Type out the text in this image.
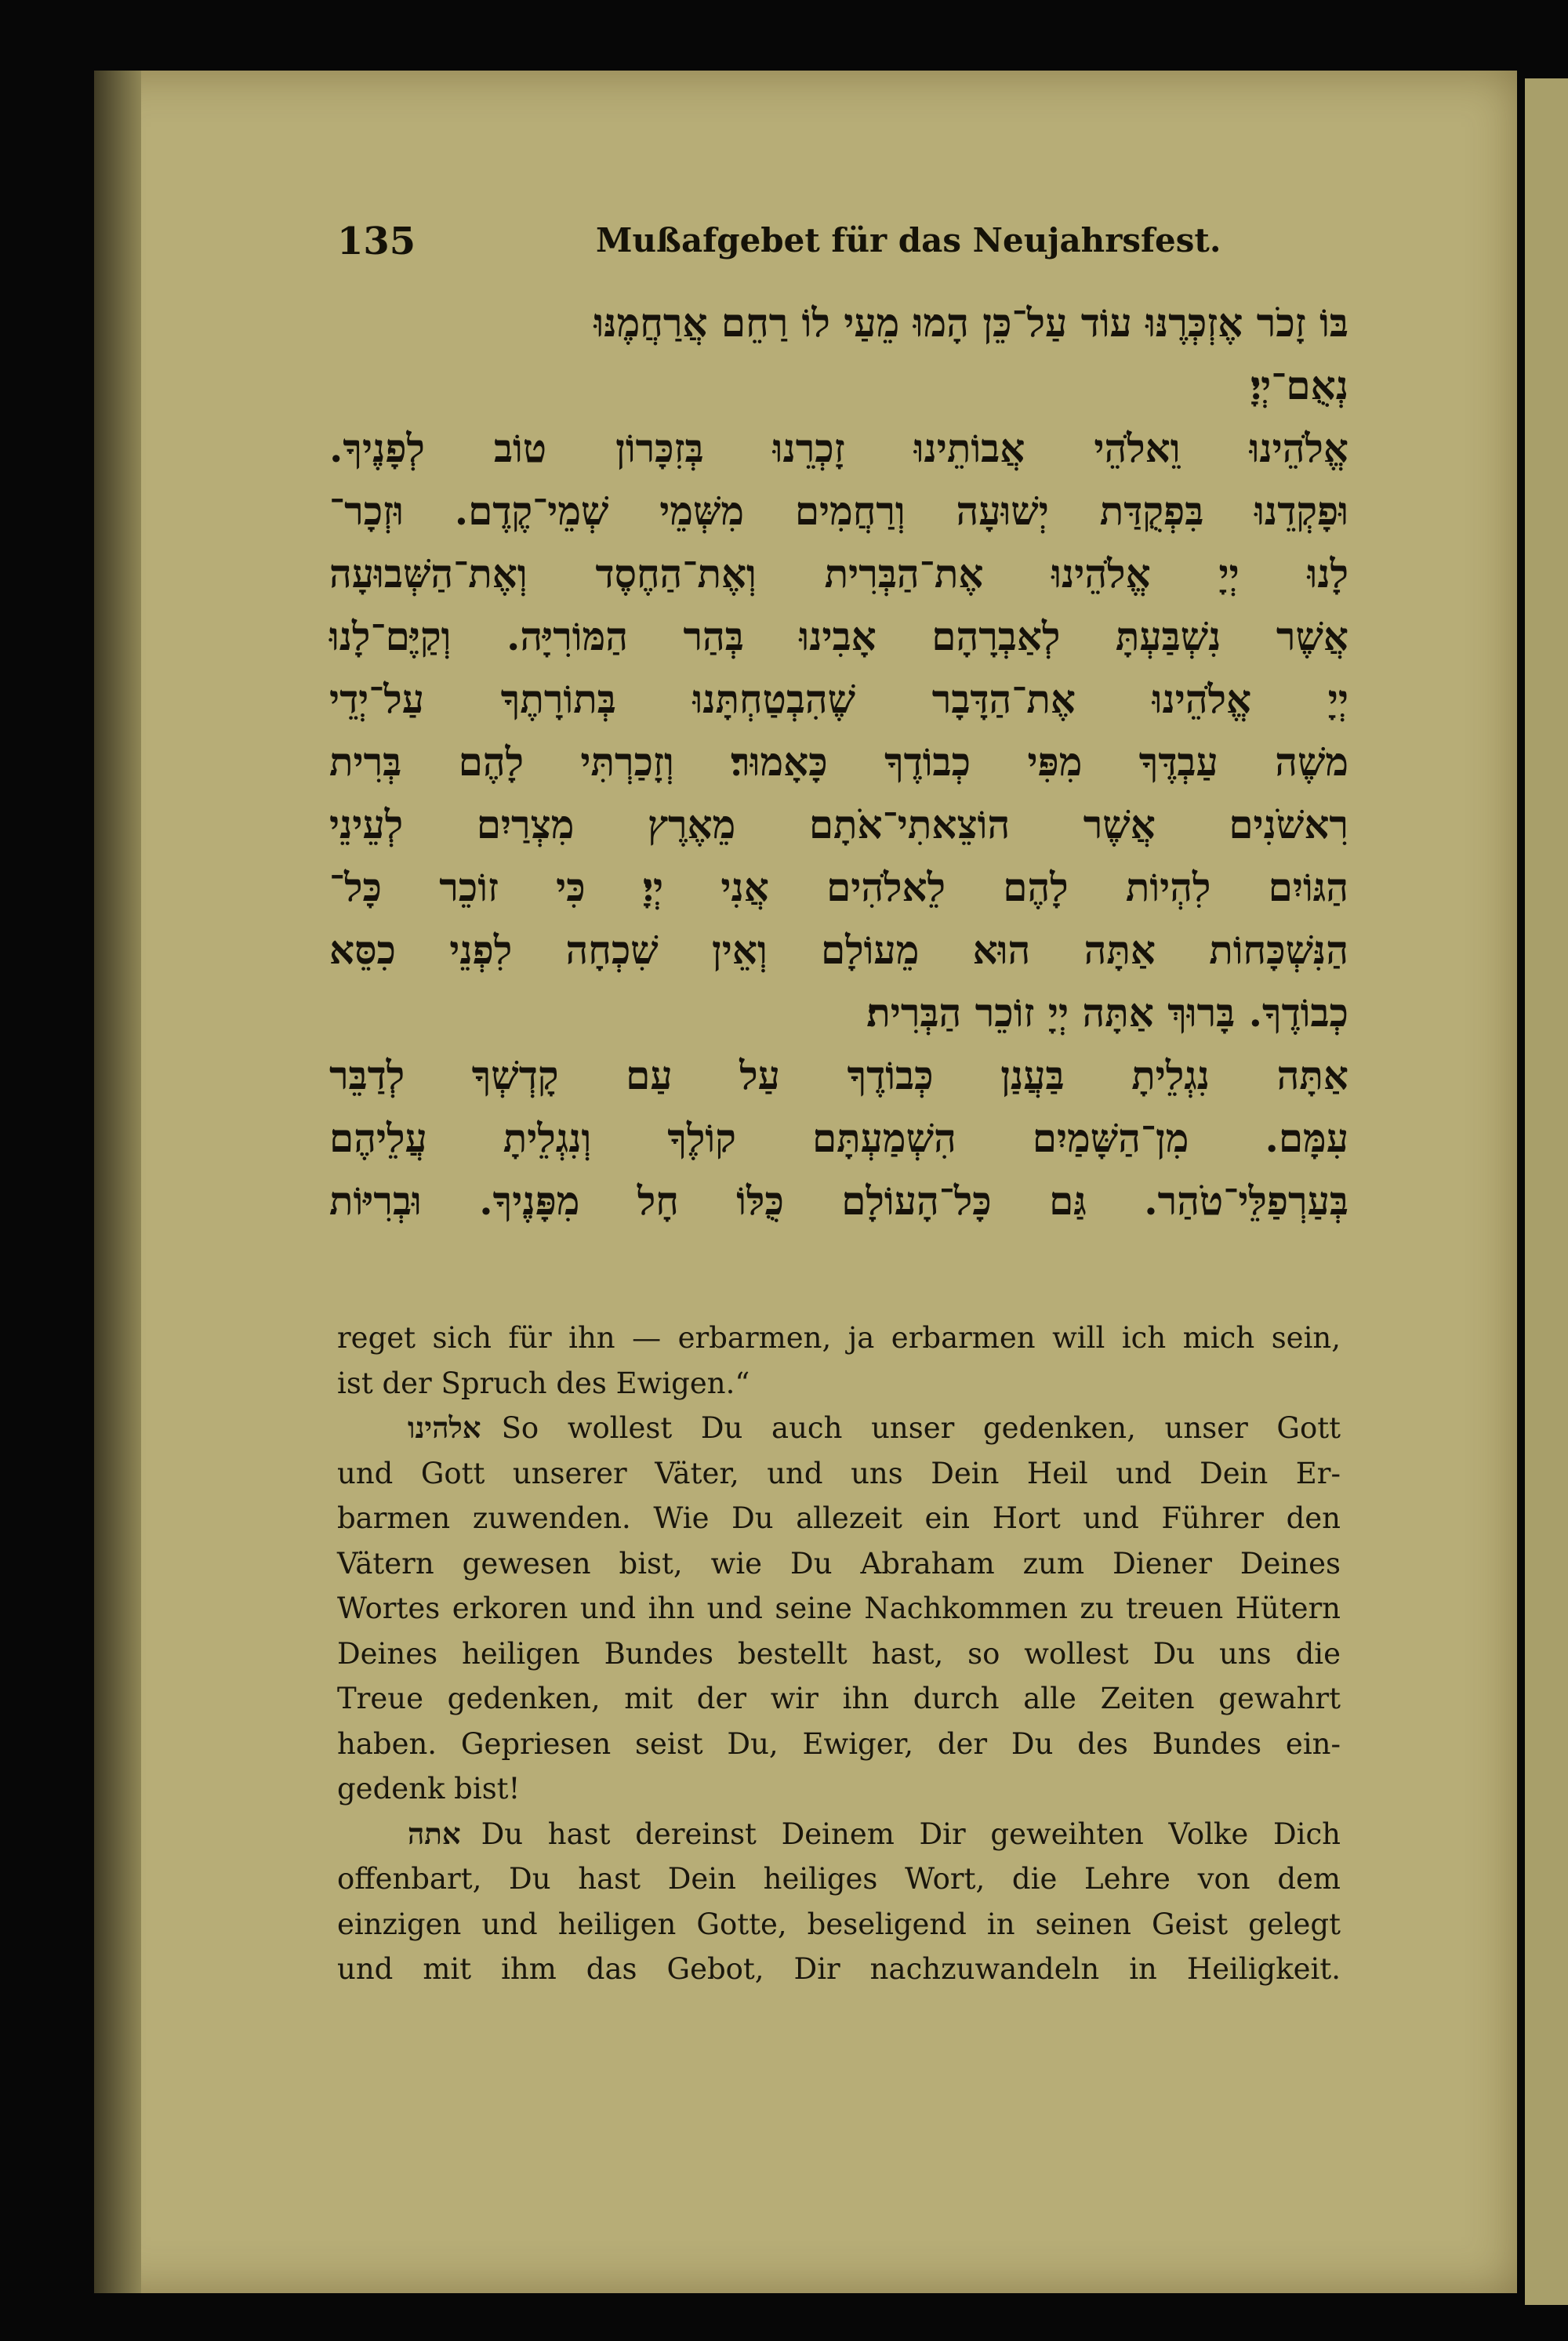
135	Mußafgebet für das Neujahrsfest.
בּוֹ זָכֹר אֶזְכְּרֶנּוּ עוֹד עַל־כֵּן הָמוּ מֵעַי לוֹ רַחֵם אֲרַחֲמֶנּוּ
נְאֻם־יְיָ׃
אֱלֹהֵינוּ וֵאלֹהֵי אֲבוֹתֵינוּ זָכְרֵנוּ בְּזִכָּרוֹן טוֹב לְפָנֶיךָ.
וּפָקְדֵנוּ בִּפְקֻדַּת יְשׁוּעָה וְרַחֲמִים מִשְּׁמֵי שְׁמֵי־קֶדֶם. וּזְכָר־
לָנוּ יְיָ אֱלֹהֵינוּ אֶת־הַבְּרִית וְאֶת־הַחֶסֶד וְאֶת־הַשְּׁבוּעָה
אֲשֶׁר נִשְׁבַּעְתָּ לְאַבְרָהָם אָבִינוּ בְּהַר הַמּוֹרִיָּה. וְקַיֶּם־לָנוּ
יְיָ אֱלֹהֵינוּ אֶת־הַדָּבָר שֶׁהִבְטַחְתָּנוּ בְּתוֹרָתֶךָ עַל־יְדֵי
משֶׁה עַבְדֶּךָ מִפִּי כְבוֹדֶךָ כָּאָמוּר׃ וְזָכַרְתִּי לָהֶם בְּרִית
רִאשֹׁנִים אֲשֶׁר הוֹצֵאתִי־אֹתָם מֵאֶרֶץ מִצְרַיִם לְעֵינֵי
הַגּוֹיִם לִהְיוֹת לָהֶם לֵאלֹהִים אֲנִי יְיָ׃ כִּי זוֹכֵר כָּל־
הַנִּשְׁכָּחוֹת אַתָּה הוּא מֵעוֹלָם וְאֵין שִׁכְחָה לִפְנֵי כִסֵּא
כְבוֹדֶךָ. בָּרוּךְ אַתָּה יְיָ זוֹכֵר הַבְּרִית׃
אַתָּה נִגְלֵיתָ בַּעֲנַן כְּבוֹדֶךָ עַל עַם קָדְשְׁךָ לְדַבֵּר
עִמָּם. מִן־הַשָּׁמַיִם הִשְׁמַעְתָּם קוֹלֶךָ וְנִגְלֵיתָ עֲלֵיהֶם
בְּעַרְפַלֵּי־טֹהַר. גַּם כָּל־הָעוֹלָם כֻּלּוֹ חָל מִפָּנֶיךָ. וּבְרִיּוֹת
reget sich für ihn — erbarmen, ja erbarmen will ich mich sein,
ist der Spruch des Ewigen.“
אלהינו So wollest Du auch unser gedenken, unser Gott
und Gott unserer Väter, und uns Dein Heil und Dein Er-
barmen zuwenden. Wie Du allezeit ein Hort und Führer den
Vätern gewesen bist, wie Du Abraham zum Diener Deines
Wortes erkoren und ihn und seine Nachkommen zu treuen Hütern
Deines heiligen Bundes bestellt hast, so wollest Du uns die
Treue gedenken, mit der wir ihn durch alle Zeiten gewahrt
haben. Gepriesen seist Du, Ewiger, der Du des Bundes ein-
gedenk bist!
אתה Du hast dereinst Deinem Dir geweihten Volke Dich
offenbart, Du hast Dein heiliges Wort, die Lehre von dem
einzigen und heiligen Gotte, beseligend in seinen Geist gelegt
und mit ihm das Gebot, Dir nachzuwandeln in Heiligkeit.
